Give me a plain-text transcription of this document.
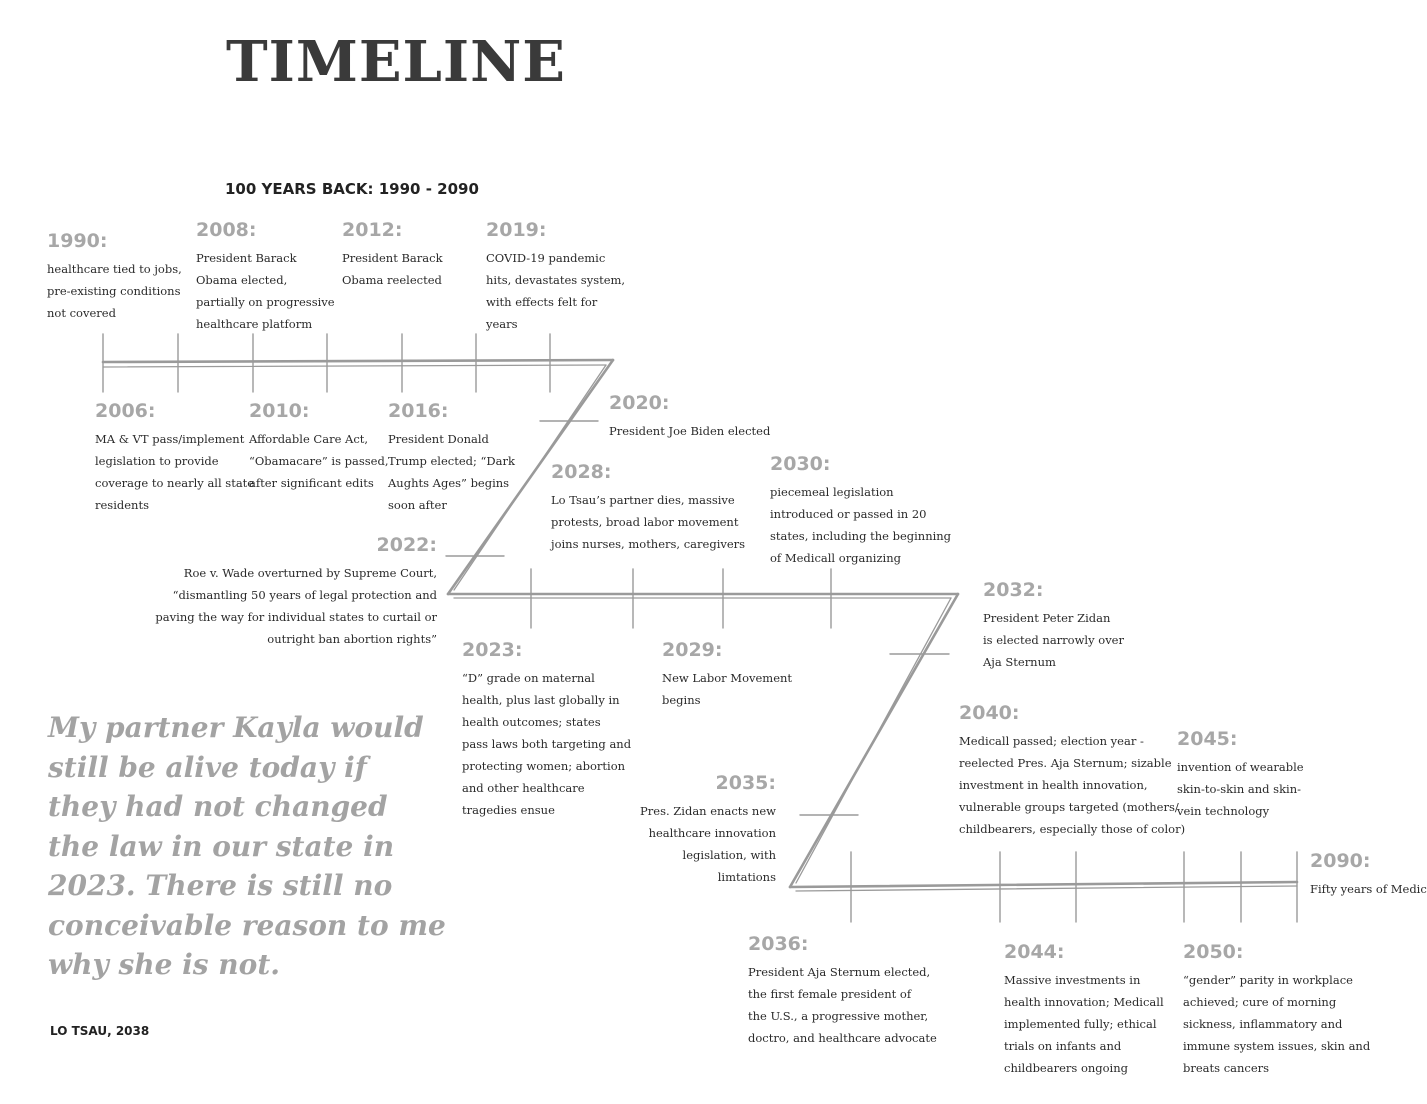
TIMELINE
100 YEARS BACK: 1990 - 2090
1990:
healthcare tied to jobs,
pre-existing conditions
not covered
2008:
President Barack
Obama elected,
partially on progressive
healthcare platform
2012:
President Barack
Obama reelected
2019:
COVID-19 pandemic
hits, devastates system,
with effects felt for
years
2006:
MA & VT pass/implement
legislation to provide
coverage to nearly all state
residents
2010:
Affordable Care Act,
“Obamacare” is passed,
after significant edits
2016:
President Donald
Trump elected; “Dark
Aughts Ages” begins
soon after
2020:
President Joe Biden elected
2028:
Lo Tsau’s partner dies, massive
protests, broad labor movement
joins nurses, mothers, caregivers
2030:
piecemeal legislation
introduced or passed in 20
states, including the beginning
of Medicall organizing
2022:
Roe v. Wade overturned by Supreme Court,
“dismantling 50 years of legal protection and
paving the way for individual states to curtail or
outright ban abortion rights”
2032:
President Peter Zidan
is elected narrowly over
Aja Sternum
2023:
“D” grade on maternal
health, plus last globally in
health outcomes; states
pass laws both targeting and
protecting women; abortion
and other healthcare
tragedies ensue
2029:
New Labor Movement
begins
2040:
Medicall passed; election year -
reelected Pres. Aja Sternum; sizable
investment in health innovation,
vulnerable groups targeted (mothers/
childbearers, especially those of color)
2045:
invention of wearable
skin-to-skin and skin-
vein technology
2035:
Pres. Zidan enacts new
healthcare innovation
legislation, with
limtations
2090:
Fifty years of Medic
2036:
President Aja Sternum elected,
the first female president of
the U.S., a progressive mother,
doctro, and healthcare advocate
2044:
Massive investments in
health innovation; Medicall
implemented fully; ethical
trials on infants and
childbearers ongoing
2050:
“gender” parity in workplace
achieved; cure of morning
sickness, inflammatory and
immune system issues, skin and
breats cancers
My partner Kayla would
still be alive today if
they had not changed
the law in our state in
2023. There is still no
conceivable reason to me
why she is not.
LO TSAU, 2038
